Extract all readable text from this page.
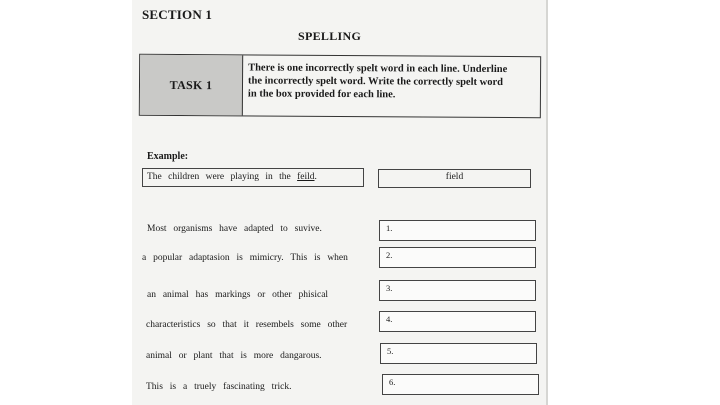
SECTION 1
SPELLING
TASK 1
There is one incorrectly spelt word in each line. Underline
the incorrectly spelt word. Write the correctly spelt word
in the box provided for each line.
Example:
The children were playing in the feild.	field
Most organisms have adapted to suvive.
a popular adaptasion is mimicry. This is when
an animal has markings or other phisical
characteristics so that it resembels some other
animal or plant that is more dangarous.
This is a truely fascinating trick.
1.
2.
3.
4.
5.
6.
